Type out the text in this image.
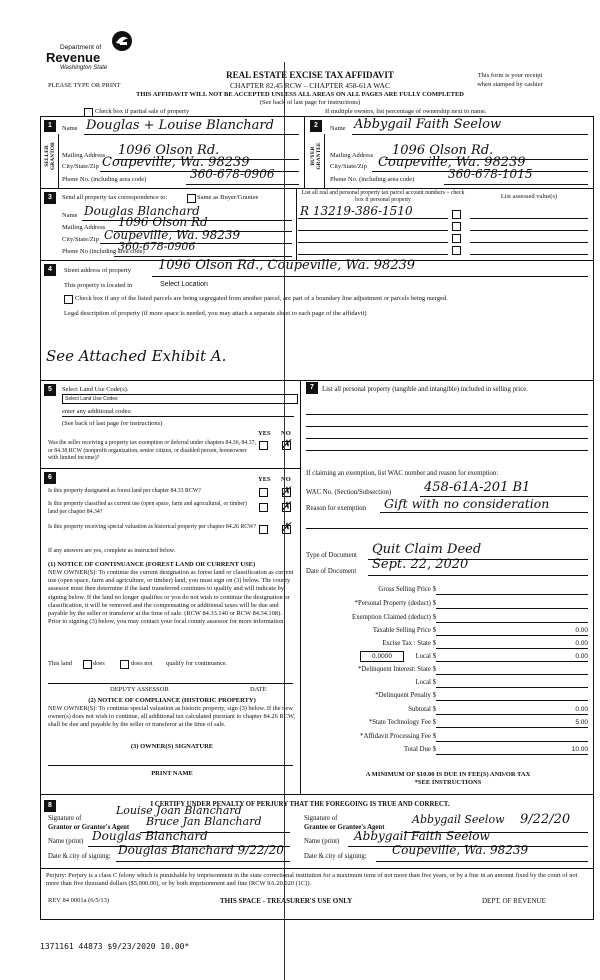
Department of
Revenue
Washington State
REAL ESTATE EXCISE TAX AFFIDAVIT
CHAPTER 82.45 RCW – CHAPTER 458-61A WAC
PLEASE TYPE OR PRINT
This form is your receipt
when stamped by cashier
THIS AFFIDAVIT WILL NOT BE ACCEPTED UNLESS ALL AREAS ON ALL PAGES ARE FULLY COMPLETED
(See back of last page for instructions)
Check box if partial sale of property	If multiple owners, list percentage of ownership next to name.
1
SELLER GRANTOR
Name Douglas + Louise Blanchard
Mailing Address 1096 Olson Rd.
City/State/Zip Coupeville, Wa. 98239
Phone No. (including area code)	360-678-0906
2
BUYER GRANTEE
Name Abbygail Faith Seelow
Mailing Address 1096 Olson Rd.
City/State/Zip Coupeville, Wa. 98239
Phone No. (including area code)	360-678-1015
3	Send all property tax correspondence to:	Same as Buyer/Grantee
Name Douglas Blanchard
Mailing Address 1096 Olson Rd
City/State/Zip Coupeville, Wa. 98239
Phone No (including area code)
360-678-0906
List all real and personal property tax parcel account numbers – check box if personal property	List assessed value(s)
R 13219-386-1510
4	Street address of property 1096 Olson Rd., Coupeville, Wa. 98239
This property is located in	Select Location
Check box if any of the listed parcels are being segregated from another parcel, are part of a boundary line adjustment or parcels being merged.
Legal description of property (if more space is needed, you may attach a separate sheet to each page of the affidavit)
See Attached Exhibit A.
5	Select Land Use Code(s).
Select Land Use Codes
enter any additional codes:
(See back of last page for instructions)
YES NO
Was the seller receiving a property tax exemption or deferral under chapters 84.36, 84.37, or 84.38 RCW (nonprofit organization, senior citizen, or disabled person, homeowner with limited income)?
✗
6	YES NO
Is this property designated as forest land per chapter 84.33 RCW?	✗
Is this property classified as current use (open space, farm and agricultural, or timber) land per chapter 84.34?	✗
Is this property receiving special valuation as historical property per chapter 84.26 RCW? ✗
If any answers are yes, complete as instructed below.
(1) NOTICE OF CONTINUANCE (FOREST LAND OR CURRENT USE)
NEW OWNER(S): To continue the current designation as forest land or classification as current use (open space, farm and agriculture, or timber) land, you must sign on (3) below. The county assessor must then determine if the land transferred continues to qualify and will indicate by signing below. If the land no longer qualifies or you do not wish to continue the designation or classification, it will be removed and the compensating or additional taxes will be due and payable by the seller or transferor at the time of sale. (RCW 84.33.140 or RCW 84.34.108). Prior to signing (3) below, you may contact your local county assessor for more information.
This land	does	does not qualify for continuance.
DEPUTY ASSESSOR	DATE
(2) NOTICE OF COMPLIANCE (HISTORIC PROPERTY)
NEW OWNER(S): To continue special valuation as historic property, sign (3) below. If the new owner(s) does not wish to continue, all additional tax calculated pursuant to chapter 84.26 RCW, shall be due and payable by the seller or transferor at the time of sale.
(3) OWNER(S) SIGNATURE
PRINT NAME
7	List all personal property (tangible and intangible) included in selling price.
If claiming an exemption, list WAC number and reason for exemption:
WAC No. (Section/Subsection)	458-61A-201 B1
Reason for exemption Gift with no consideration
Type of Document Quit Claim Deed
Date of Document Sept. 22, 2020
Gross Selling Price $
*Personal Property (deduct) $
Exemption Claimed (deduct) $
Taxable Selling Price $	0.00
Excise Tax : State $	0.00
0.0000	Local $	0.00
*Delinquent Interest: State $
Local $
*Delinquent Penalty $
Subtotal $	0.00
*State Technology Fee $	5.00
*Affidavit Processing Fee $
Total Due $	10.00
A MINIMUM OF $10.00 IS DUE IN FEE(S) AND/OR TAX
*SEE INSTRUCTIONS
8	I CERTIFY UNDER PENALTY OF PERJURY THAT THE FOREGOING IS TRUE AND CORRECT.
Signature of
Grantor or Grantor's Agent
Louise Joan Blanchard
Bruce Jan Blanchard
Name (print) Douglas Blanchard
Date & city of signing: Douglas Blanchard 9/22/20
Signature of
Grantee or Grantee's Agent
Abbygail Seelow 9/22/20
Name (print) Abbygail Faith Seelow
Date & city of signing: Coupeville, Wa. 98239
Perjury: Perjury is a class C felony which is punishable by imprisonment in the state correctional institution for a maximum term of not more than five years, or by a fine in an amount fixed by the court of not more than five thousand dollars ($5,000.00), or by both imprisonment and fine (RCW 9A.20.020 (1C)).
REV 84 0001a (6/5/13)	THIS SPACE - TREASURER'S USE ONLY	DEPT. OF REVENUE
1371161 44873 $9/23/2020 10.00*
